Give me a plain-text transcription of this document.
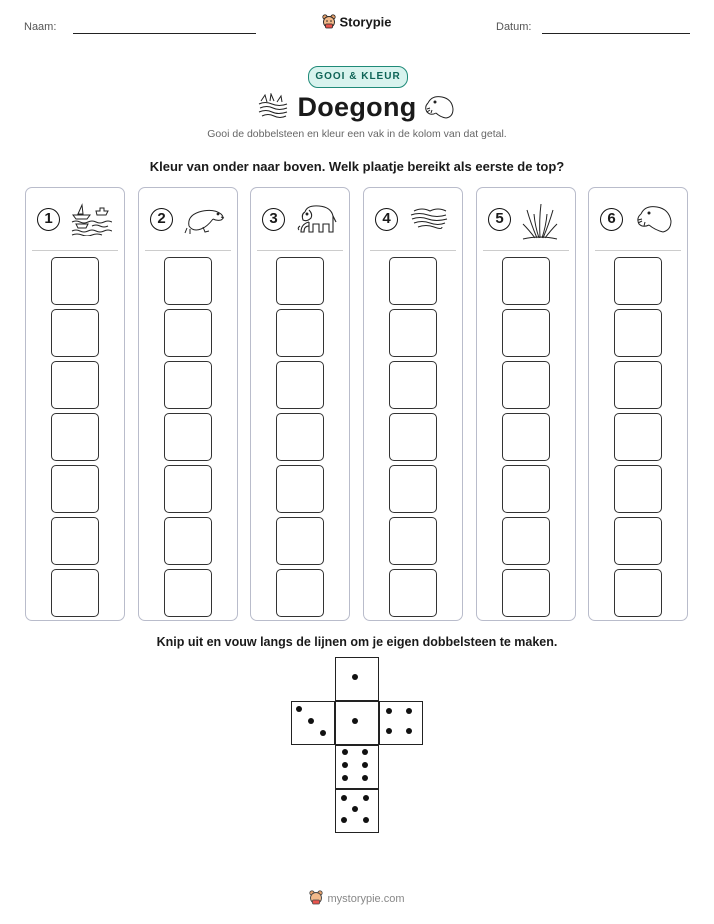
Naam:	Storypie	Datum:
GOOI & KLEUR
Doegong
Gooi de dobbelsteen en kleur een vak in de kolom van dat getal.
Kleur van onder naar boven. Welk plaatje bereikt als eerste de top?
1	2	3	4	5	6
Knip uit en vouw langs de lijnen om je eigen dobbelsteen te maken.
mystorypie.com
